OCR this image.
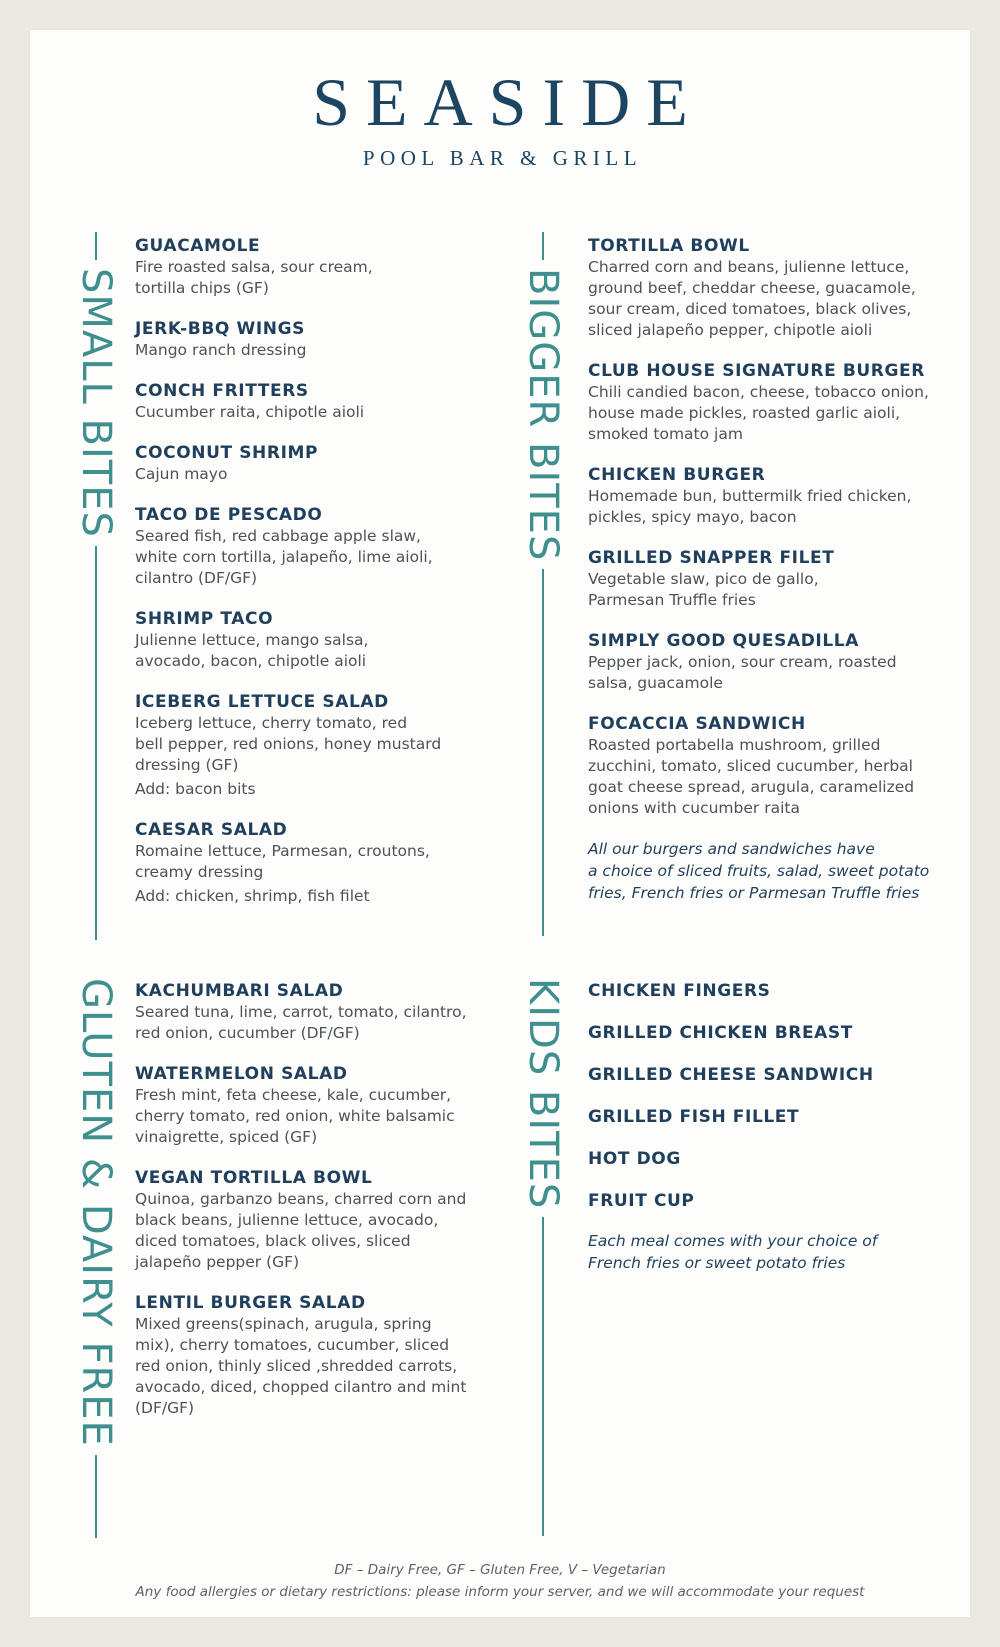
SEASIDE
POOL BAR & GRILL
SMALL BITES	BIGGER BITES
GLUTEN & DAIRY FREE	KIDS BITES
GUACAMOLE
Fire roasted salsa, sour cream,
tortilla chips (GF)
JERK-BBQ WINGS
Mango ranch dressing
CONCH FRITTERS
Cucumber raita, chipotle aioli
COCONUT SHRIMP
Cajun mayo
TACO DE PESCADO
Seared fish, red cabbage apple slaw,
white corn tortilla, jalapeño, lime aioli,
cilantro (DF/GF)
SHRIMP TACO
Julienne lettuce, mango salsa,
avocado, bacon, chipotle aioli
ICEBERG LETTUCE SALAD
Iceberg lettuce, cherry tomato, red
bell pepper, red onions, honey mustard
dressing (GF)
Add: bacon bits
CAESAR SALAD
Romaine lettuce, Parmesan, croutons,
creamy dressing
Add: chicken, shrimp, fish filet
TORTILLA BOWL
Charred corn and beans, julienne lettuce,
ground beef, cheddar cheese, guacamole,
sour cream, diced tomatoes, black olives,
sliced jalapeño pepper, chipotle aioli
CLUB HOUSE SIGNATURE BURGER
Chili candied bacon, cheese, tobacco onion,
house made pickles, roasted garlic aioli,
smoked tomato jam
CHICKEN BURGER
Homemade bun, buttermilk fried chicken,
pickles, spicy mayo, bacon
GRILLED SNAPPER FILET
Vegetable slaw, pico de gallo,
Parmesan Truffle fries
SIMPLY GOOD QUESADILLA
Pepper jack, onion, sour cream, roasted
salsa, guacamole
FOCACCIA SANDWICH
Roasted portabella mushroom, grilled
zucchini, tomato, sliced cucumber, herbal
goat cheese spread, arugula, caramelized
onions with cucumber raita
All our burgers and sandwiches have
a choice of sliced fruits, salad, sweet potato
fries, French fries or Parmesan Truffle fries
KACHUMBARI SALAD
Seared tuna, lime, carrot, tomato, cilantro,
red onion, cucumber (DF/GF)
WATERMELON SALAD
Fresh mint, feta cheese, kale, cucumber,
cherry tomato, red onion, white balsamic
vinaigrette, spiced (GF)
VEGAN TORTILLA BOWL
Quinoa, garbanzo beans, charred corn and
black beans, julienne lettuce, avocado,
diced tomatoes, black olives, sliced
jalapeño pepper (GF)
LENTIL BURGER SALAD
Mixed greens(spinach, arugula, spring
mix), cherry tomatoes, cucumber, sliced
red onion, thinly sliced ,shredded carrots,
avocado, diced, chopped cilantro and mint
(DF/GF)
CHICKEN FINGERS
GRILLED CHICKEN BREAST
GRILLED CHEESE SANDWICH
GRILLED FISH FILLET
HOT DOG
FRUIT CUP
Each meal comes with your choice of
French fries or sweet potato fries
DF – Dairy Free, GF – Gluten Free, V – Vegetarian
Any food allergies or dietary restrictions: please inform your server, and we will accommodate your request
